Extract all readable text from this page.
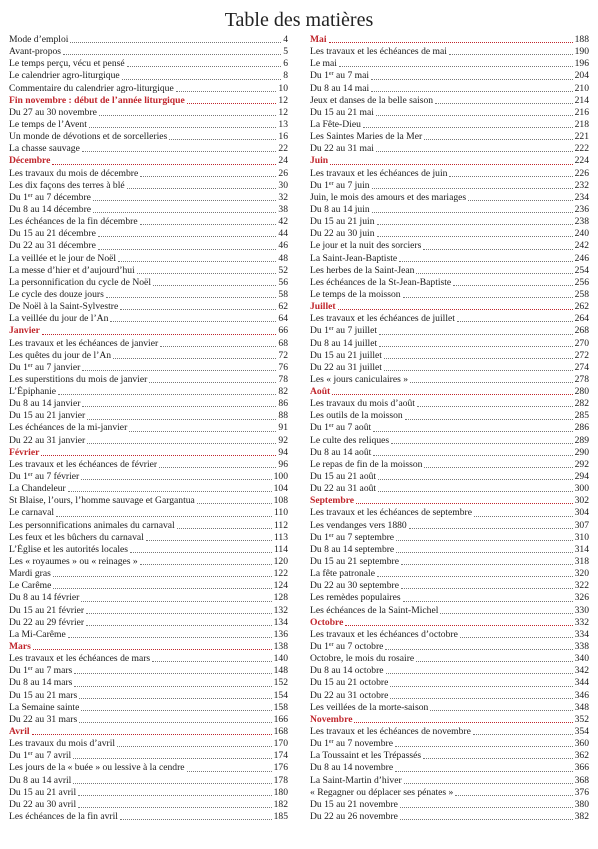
Table des matières
Mode d’emploi	4
Avant-propos	5
Le temps perçu, vécu et pensé	6
Le calendrier agro-liturgique	8
Commentaire du calendrier agro-liturgique	10
Fin novembre : début de l’année liturgique	12
Du 27 au 30 novembre	12
Le temps de l’Avent	13
Un monde de dévotions et de sorcelleries	16
La chasse sauvage	22
Décembre	24
Les travaux du mois de décembre	26
Les dix façons des terres à blé	30
Du 1er au 7 décembre	32
Du 8 au 14 décembre	38
Les échéances de la fin décembre	42
Du 15 au 21 décembre	44
Du 22 au 31 décembre	46
La veillée et le jour de Noël	48
La messe d’hier et d’aujourd’hui	52
La personnification du cycle de Noël	56
Le cycle des douze jours	58
De Noël à la Saint-Sylvestre	62
La veillée du jour de l’An	64
Janvier	66
Les travaux et les échéances de janvier	68
Les quêtes du jour de l’An	72
Du 1er au 7 janvier	76
Les superstitions du mois de janvier	78
L’Épiphanie	82
Du 8 au 14 janvier	86
Du 15 au 21 janvier	88
Les échéances de la mi-janvier	91
Du 22 au 31 janvier	92
Février	94
Les travaux et les échéances de février	96
Du 1er au 7 février	100
La Chandeleur	104
St Blaise, l’ours, l’homme sauvage et Gargantua	108
Le carnaval	110
Les personnifications animales du carnaval	112
Les feux et les bûchers du carnaval	113
L’Église et les autorités locales	114
Les « royaumes » ou « reinages »	120
Mardi gras	122
Le Carême	124
Du 8 au 14 février	128
Du 15 au 21 février	132
Du 22 au 29 février	134
La Mi-Carême	136
Mars	138
Les travaux et les échéances de mars	140
Du 1er au 7 mars	148
Du 8 au 14 mars	152
Du 15 au 21 mars	154
La Semaine sainte	158
Du 22 au 31 mars	166
Avril	168
Les travaux du mois d’avril	170
Du 1er au 7 avril	174
Les jours de la « buée » ou lessive à la cendre	176
Du 8 au 14 avril	178
Du 15 au 21 avril	180
Du 22 au 30 avril	182
Les échéances de la fin avril	185
Mai	188
Les travaux et les échéances de mai	190
Le mai	196
Du 1er au 7 mai	204
Du 8 au 14 mai	210
Jeux et danses de la belle saison	214
Du 15 au 21 mai	216
La Fête-Dieu	218
Les Saintes Maries de la Mer	221
Du 22 au 31 mai	222
Juin	224
Les travaux et les échéances de juin	226
Du 1er au 7 juin	232
Juin, le mois des amours et des mariages	234
Du 8 au 14 juin	236
Du 15 au 21 juin	238
Du 22 au 30 juin	240
Le jour et la nuit des sorciers	242
La Saint-Jean-Baptiste	246
Les herbes de la Saint-Jean	254
Les échéances de la St-Jean-Baptiste	256
Le temps de la moisson	258
Juillet	262
Les travaux et les échéances de juillet	264
Du 1er au 7 juillet	268
Du 8 au 14 juillet	270
Du 15 au 21 juillet	272
Du 22 au 31 juillet	274
Les « jours caniculaires »	278
Août	280
Les travaux du mois d’août	282
Les outils de la moisson	285
Du 1er au 7 août	286
Le culte des reliques	289
Du 8 au 14 août	290
Le repas de fin de la moisson	292
Du 15 au 21 août	294
Du 22 au 31 août	300
Septembre	302
Les travaux et les échéances de septembre	304
Les vendanges vers 1880	307
Du 1er au 7 septembre	310
Du 8 au 14 septembre	314
Du 15 au 21 septembre	318
La fête patronale	320
Du 22 au 30 septembre	322
Les remèdes populaires	326
Les échéances de la Saint-Michel	330
Octobre	332
Les travaux et les échéances d’octobre	334
Du 1er au 7 octobre	338
Octobre, le mois du rosaire	340
Du 8 au 14 octobre	342
Du 15 au 21 octobre	344
Du 22 au 31 octobre	346
Les veillées de la morte-saison	348
Novembre	352
Les travaux et les échéances de novembre	354
Du 1er au 7 novembre	360
La Toussaint et les Trépassés	362
Du 8 au 14 novembre	366
La Saint-Martin d’hiver	368
« Regagner ou déplacer ses pénates »	376
Du 15 au 21 novembre	380
Du 22 au 26 novembre	382
